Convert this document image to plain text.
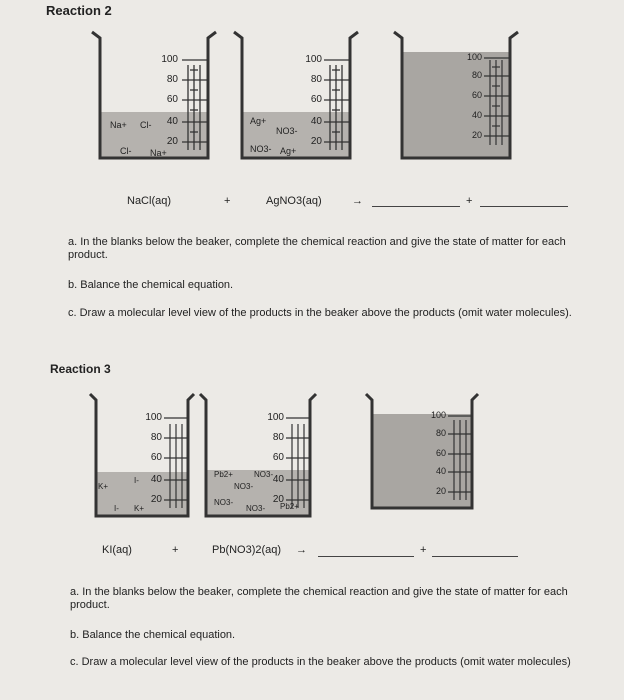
Reaction 2
100
80
60
40
20
Na+ Cl-
Cl- Na+
100
80
60
40
20
Ag+
NO3-
NO3- Ag+
100
80
60
40
20
NaCl(aq)	+	AgNO3(aq)	→	+
a. In the blanks below the beaker, complete the chemical reaction and give the state of matter for each product.
b. Balance the chemical equation.
c. Draw a molecular level view of the products in the beaker above the products (omit water molecules).
Reaction 3
100
80
60
40
20
K+
I-
I- K+
100
80
60
40
20
Pb2+	NO3-
NO3-
NO3-
NO3- Pb2+
100
80
60
40
20
KI(aq)	+	Pb(NO3)2(aq) →	+
a. In the blanks below the beaker, complete the chemical reaction and give the state of matter for each product.
b. Balance the chemical equation.
c. Draw a molecular level view of the products in the beaker above the products (omit water molecules)
